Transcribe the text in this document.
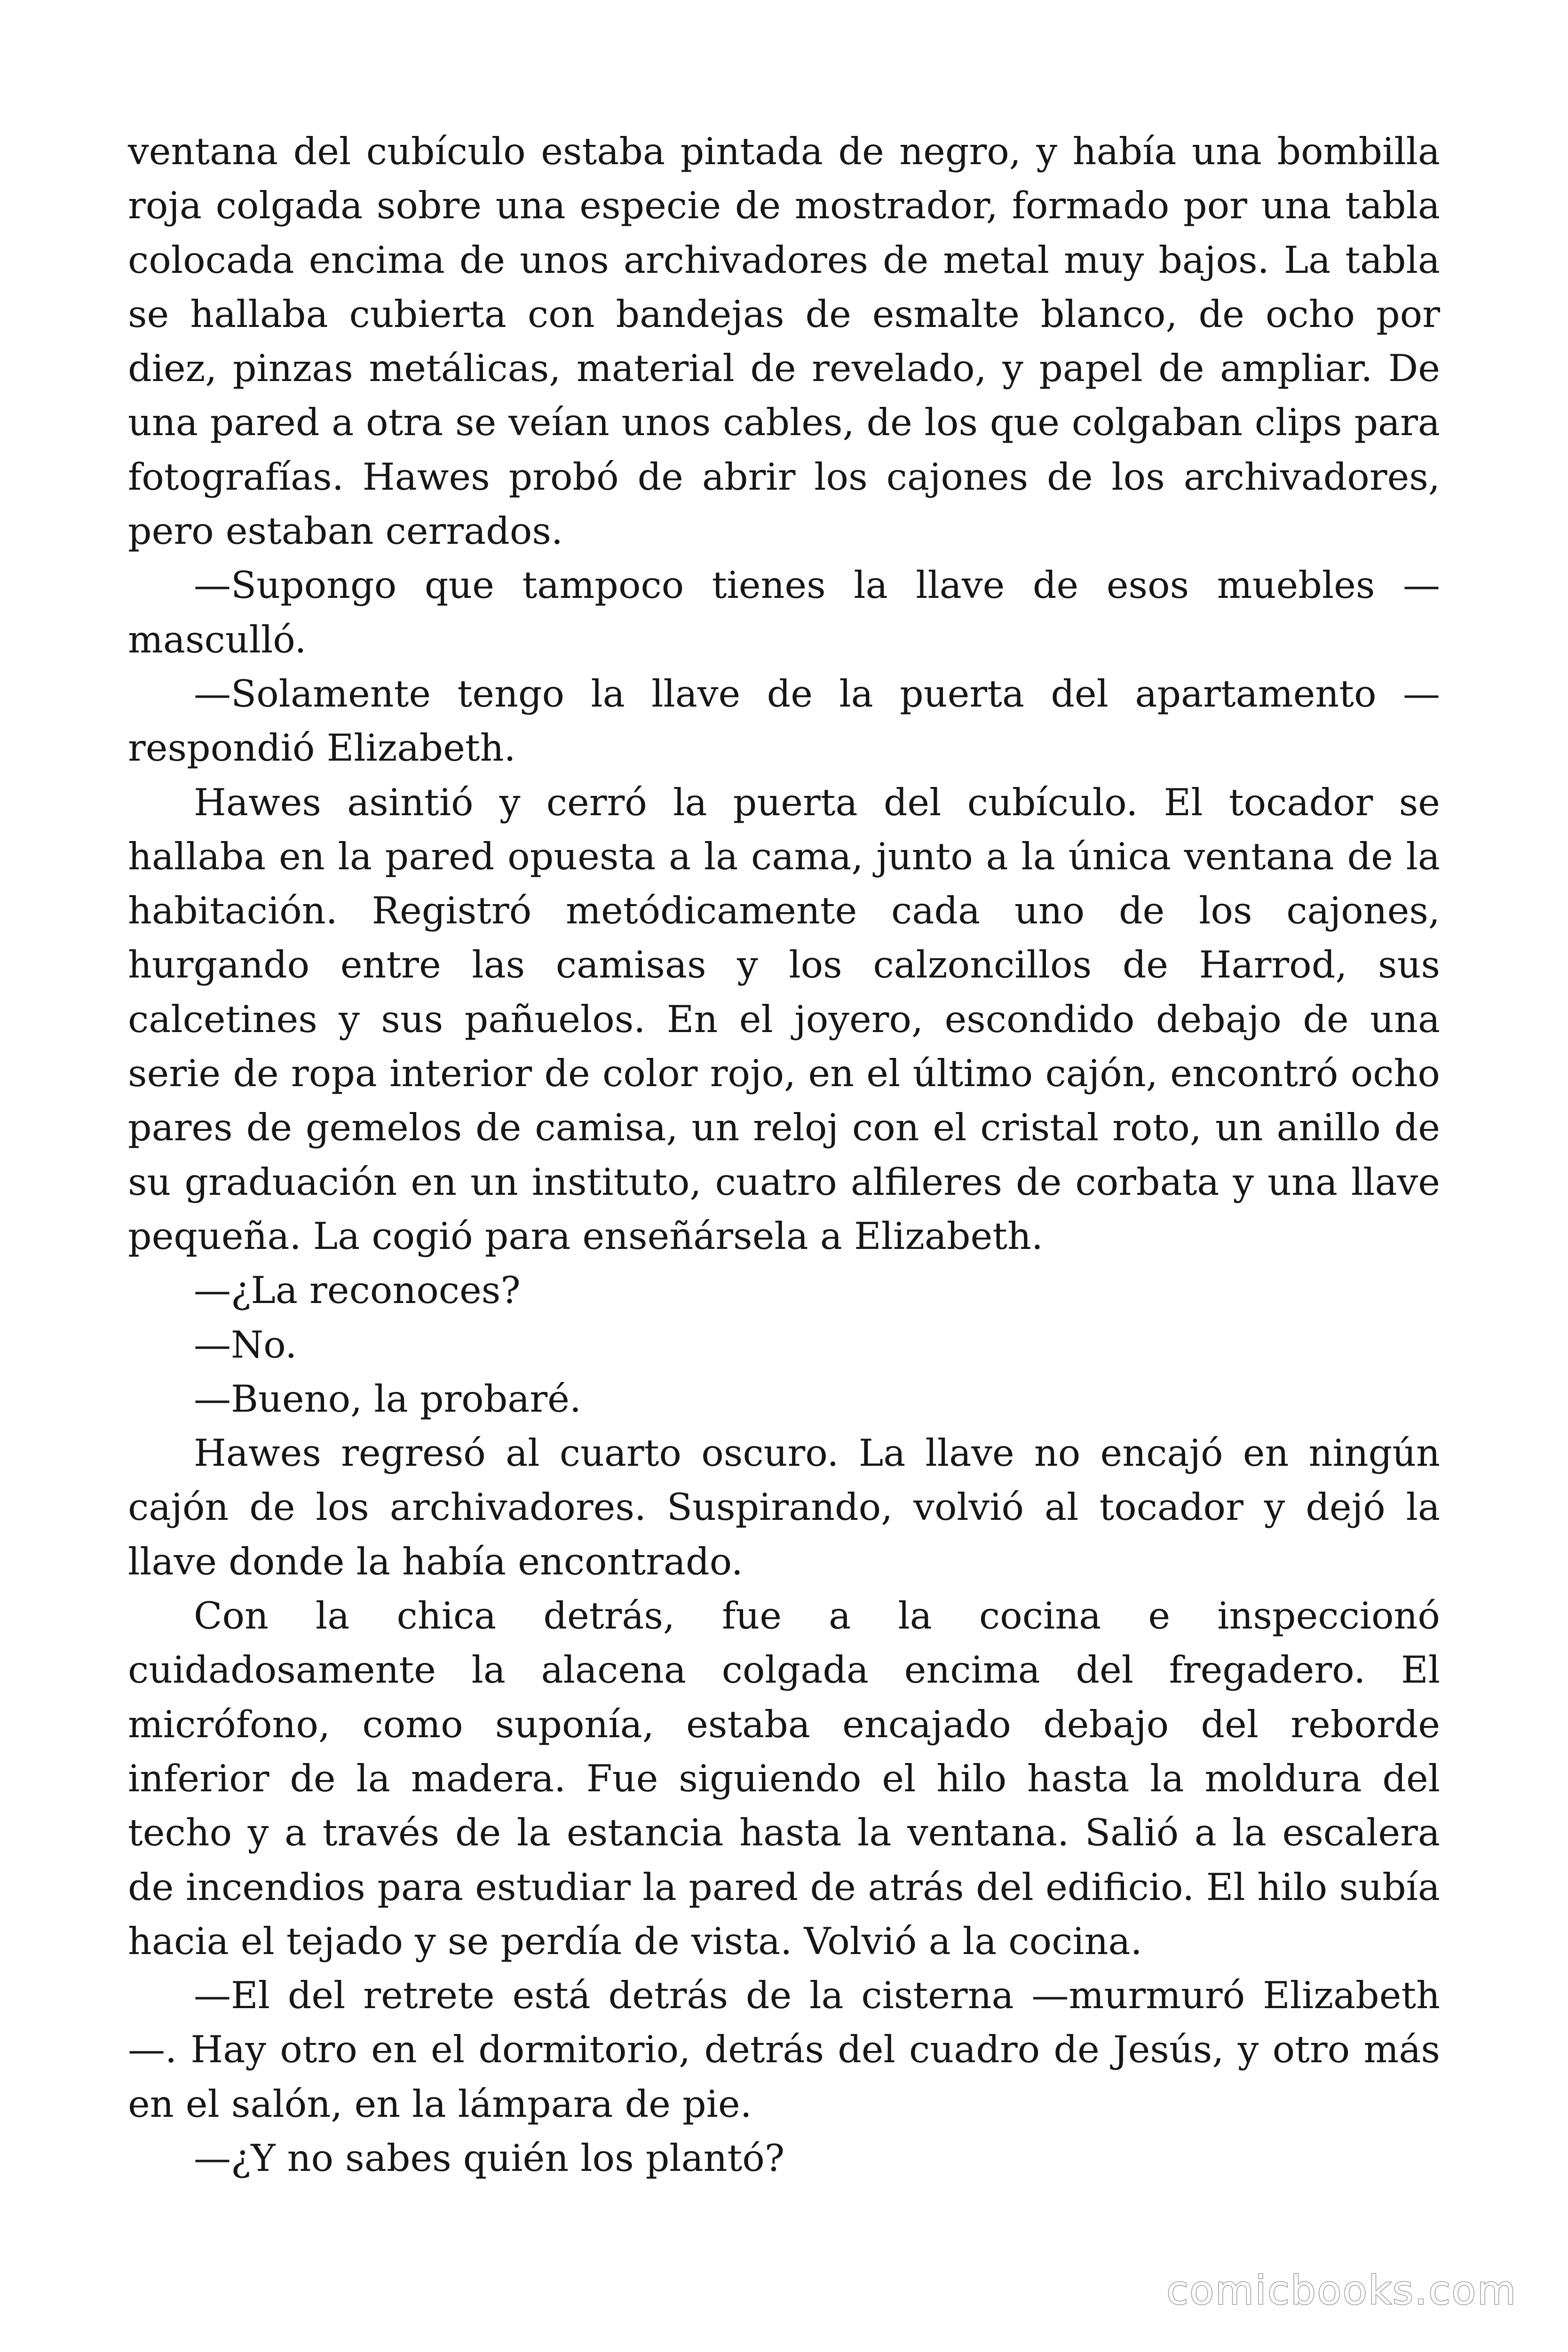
ventana del cubículo estaba pintada de negro, y había una bombilla roja colgada sobre una especie de mostrador, formado por una tabla colocada encima de unos archivadores de metal muy bajos. La tabla se hallaba cubierta con bandejas de esmalte blanco, de ocho por diez, pinzas metálicas, material de revelado, y papel de ampliar. De una pared a otra se veían unos cables, de los que colgaban clips para fotografías. Hawes probó de abrir los cajones de los archivadores, pero estaban cerrados.

—Supongo que tampoco tienes la llave de esos muebles —masculló.

—Solamente tengo la llave de la puerta del apartamento —respondió Elizabeth.

Hawes asintió y cerró la puerta del cubículo. El tocador se hallaba en la pared opuesta a la cama, junto a la única ventana de la habitación. Registró metódicamente cada uno de los cajones, hurgando entre las camisas y los calzoncillos de Harrod, sus calcetines y sus pañuelos. En el joyero, escondido debajo de una serie de ropa interior de color rojo, en el último cajón, encontró ocho pares de gemelos de camisa, un reloj con el cristal roto, un anillo de su graduación en un instituto, cuatro alfileres de corbata y una llave pequeña. La cogió para enseñársela a Elizabeth.

—¿La reconoces?

—No.

—Bueno, la probaré.

Hawes regresó al cuarto oscuro. La llave no encajó en ningún cajón de los archivadores. Suspirando, volvió al tocador y dejó la llave donde la había encontrado.

Con la chica detrás, fue a la cocina e inspeccionó cuidadosamente la alacena colgada encima del fregadero. El micrófono, como suponía, estaba encajado debajo del reborde inferior de la madera. Fue siguiendo el hilo hasta la moldura del techo y a través de la estancia hasta la ventana. Salió a la escalera de incendios para estudiar la pared de atrás del edificio. El hilo subía hacia el tejado y se perdía de vista. Volvió a la cocina.

—El del retrete está detrás de la cisterna —murmuró Elizabeth —. Hay otro en el dormitorio, detrás del cuadro de Jesús, y otro más en el salón, en la lámpara de pie.

—¿Y no sabes quién los plantó?

comicbooks.com
